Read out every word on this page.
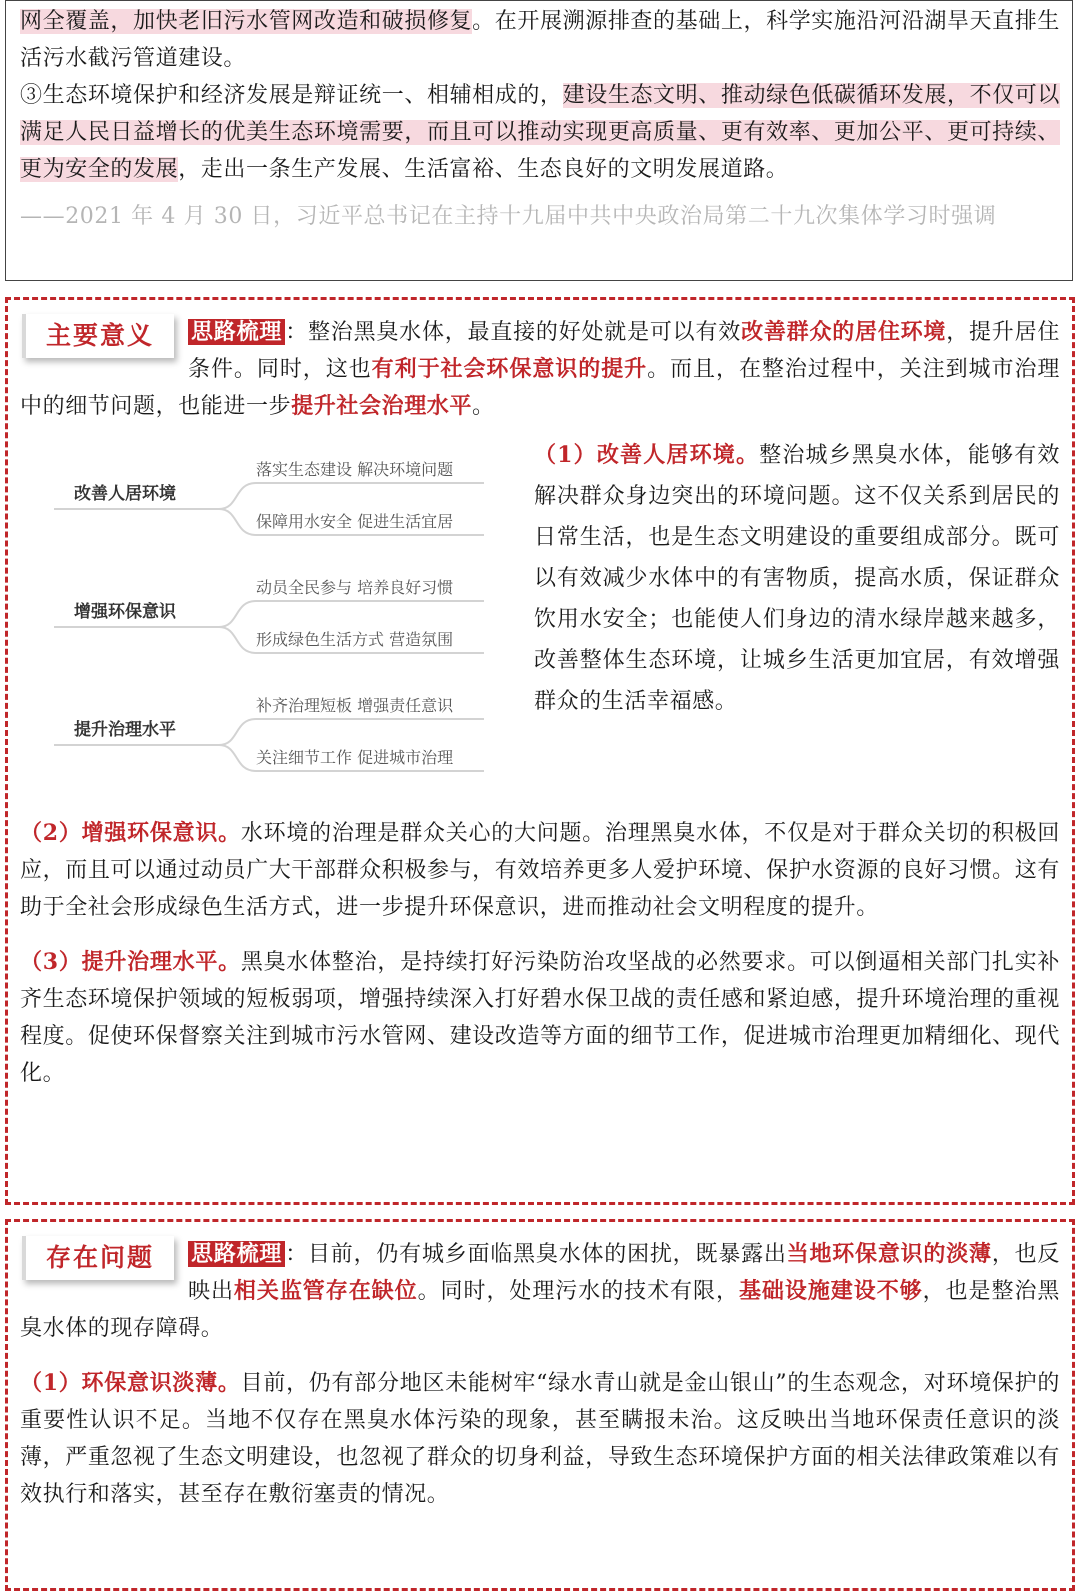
网全覆盖，加快老旧污水管网改造和破损修复。在开展溯源排查的基础上，科学实施沿河沿湖旱天直排生活污水截污管道建设。

③生态环境保护和经济发展是辩证统一、相辅相成的，建设生态文明、推动绿色低碳循环发展，不仅可以满足人民日益增长的优美生态环境需要，而且可以推动实现更高质量、更有效率、更加公平、更可持续、更为安全的发展，走出一条生产发展、生活富裕、生态良好的文明发展道路。

——2021 年 4 月 30 日，习近平总书记在主持十九届中共中央政治局第二十九次集体学习时强调

主要意义	思路梳理 ：整治黑臭水体，最直接的好处就是可以有效改善群众的居住环境，提升居住条件。同时，这也有利于社会环保意识的提升。而且，在整治过程中，关注到城市治理中的细节问题，也能进一步提升社会治理水平。

改善人居环境
落实生态建设 解决环境问题
保障用水安全 促进生活宜居
增强环保意识
动员全民参与 培养良好习惯
形成绿色生活方式 营造氛围
提升治理水平
补齐治理短板 增强责任意识
关注细节工作 促进城市治理

（1）改善人居环境。整治城乡黑臭水体，能够有效解决群众身边突出的环境问题。这不仅关系到居民的日常生活，也是生态文明建设的重要组成部分。既可以有效减少水体中的有害物质，提高水质，保证群众饮用水安全；也能使人们身边的清水绿岸越来越多，改善整体生态环境，让城乡生活更加宜居，有效增强群众的生活幸福感。

（2）增强环保意识。水环境的治理是群众关心的大问题。治理黑臭水体，不仅是对于群众关切的积极回应，而且可以通过动员广大干部群众积极参与，有效培养更多人爱护环境、保护水资源的良好习惯。这有助于全社会形成绿色生活方式，进一步提升环保意识，进而推动社会文明程度的提升。

（3）提升治理水平。黑臭水体整治，是持续打好污染防治攻坚战的必然要求。可以倒逼相关部门扎实补齐生态环境保护领域的短板弱项，增强持续深入打好碧水保卫战的责任感和紧迫感，提升环境治理的重视程度。促使环保督察关注到城市污水管网、建设改造等方面的细节工作，促进城市治理更加精细化、现代化。

存在问题	思路梳理 ：目前，仍有城乡面临黑臭水体的困扰，既暴露出当地环保意识的淡薄，也反映出相关监管存在缺位。同时，处理污水的技术有限，基础设施建设不够，也是整治黑臭水体的现存障碍。

（1）环保意识淡薄。目前，仍有部分地区未能树牢“绿水青山就是金山银山”的生态观念，对环境保护的重要性认识不足。当地不仅存在黑臭水体污染的现象，甚至瞒报未治。这反映出当地环保责任意识的淡薄，严重忽视了生态文明建设，也忽视了群众的切身利益，导致生态环境保护方面的相关法律政策难以有效执行和落实，甚至存在敷衍塞责的情况。
